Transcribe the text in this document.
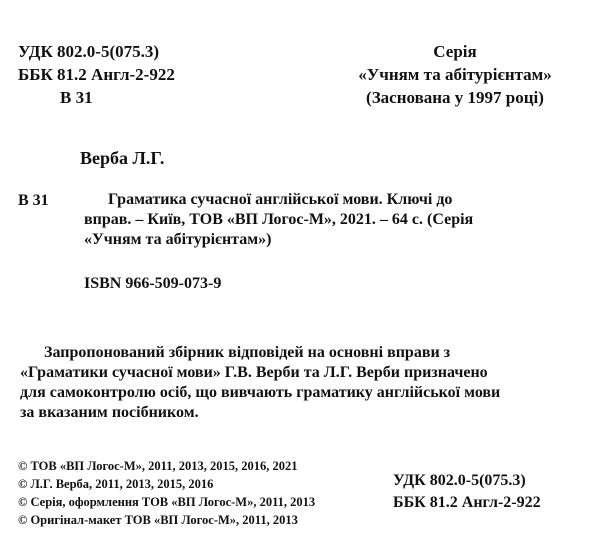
УДК 802.0-5(075.3)
ББК 81.2 Англ-2-922
В 31
Серія
«Учням та абітурієнтам»
(Заснована у 1997 році)
Верба Л.Г.
В 31	Граматика сучасної англійської мови. Ключі до
вправ. – Київ, ТОВ «ВП Логос-М», 2021. – 64 с. (Серія
«Учням та абітурієнтам»)
ISBN 966-509-073-9
Запропонований збірник відповідей на основні вправи з
«Граматики сучасної мови» Г.В. Верби та Л.Г. Верби призначено
для самоконтролю осіб, що вивчають граматику англійської мови
за вказаним посібником.
© ТОВ «ВП Логос-М», 2011, 2013, 2015, 2016, 2021
© Л.Г. Верба, 2011, 2013, 2015, 2016
© Серія, оформлення ТОВ «ВП Логос-М», 2011, 2013
© Оригінал-макет ТОВ «ВП Логос-М», 2011, 2013
УДК 802.0-5(075.3)
ББК 81.2 Англ-2-922
